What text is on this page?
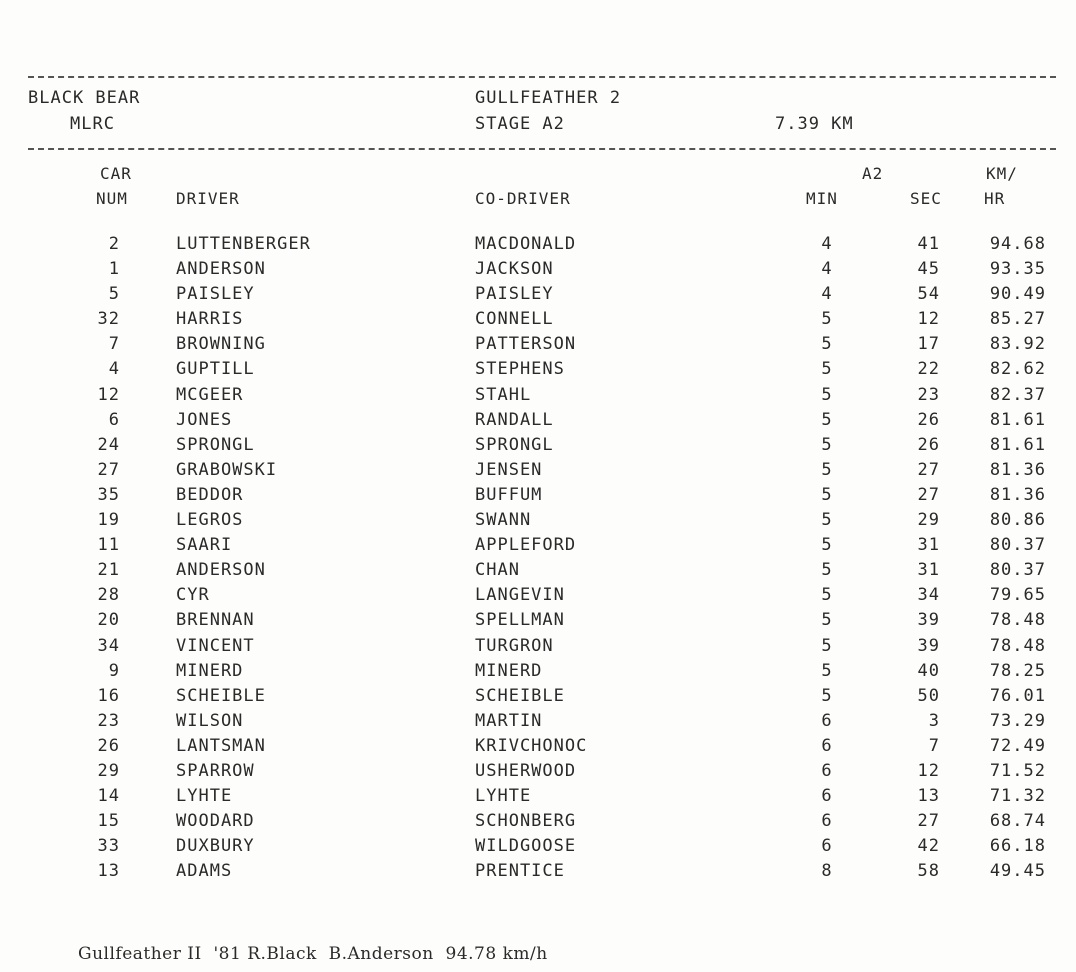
BLACK BEAR
MLRC
GULLFEATHER 2
STAGE A2	7.39 KM
CAR
NUM	DRIVER	CO-DRIVER
A2
MIN	SEC
KM/
HR
2	LUTTENBERGER	MACDONALD	4	41	94.68
1	ANDERSON	JACKSON	4	45	93.35
5	PAISLEY	PAISLEY	4	54	90.49
32	HARRIS	CONNELL	5	12	85.27
7	BROWNING	PATTERSON	5	17	83.92
4	GUPTILL	STEPHENS	5	22	82.62
12	MCGEER	STAHL	5	23	82.37
6	JONES	RANDALL	5	26	81.61
24	SPRONGL	SPRONGL	5	26	81.61
27	GRABOWSKI	JENSEN	5	27	81.36
35	BEDDOR	BUFFUM	5	27	81.36
19	LEGROS	SWANN	5	29	80.86
11	SAARI	APPLEFORD	5	31	80.37
21	ANDERSON	CHAN	5	31	80.37
28	CYR	LANGEVIN	5	34	79.65
20	BRENNAN	SPELLMAN	5	39	78.48
34	VINCENT	TURGRON	5	39	78.48
9	MINERD	MINERD	5	40	78.25
16	SCHEIBLE	SCHEIBLE	5	50	76.01
23	WILSON	MARTIN	6	3	73.29
26	LANTSMAN	KRIVCHONOC	6	7	72.49
29	SPARROW	USHERWOOD	6	12	71.52
14	LYHTE	LYHTE	6	13	71.32
15	WOODARD	SCHONBERG	6	27	68.74
33	DUXBURY	WILDGOOSE	6	42	66.18
13	ADAMS	PRENTICE	8	58	49.45
Gullfeather II  '81 R.Black  B.Anderson  94.78 km/h
